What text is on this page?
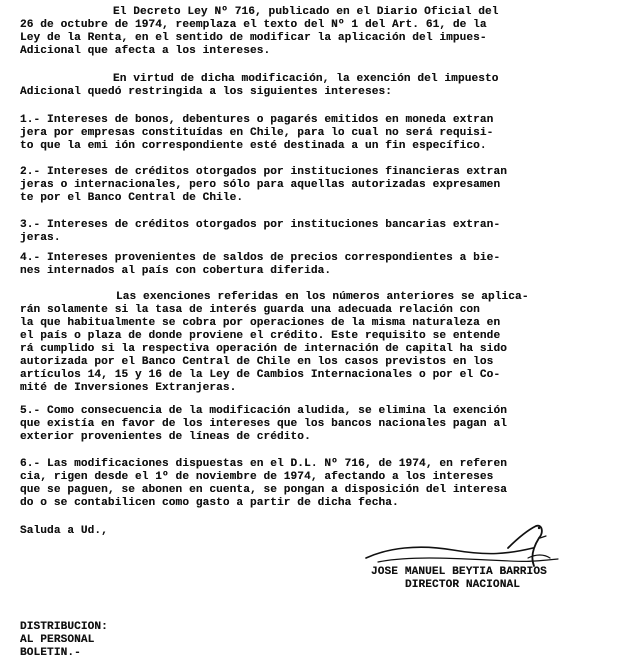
El Decreto Ley Nº 716, publicado en el Diario Oficial del
26 de octubre de 1974, reemplaza el texto del Nº 1 del Art. 61, de la
Ley de la Renta, en el sentido de modificar la aplicación del impues-
Adicional que afecta a los intereses.
En virtud de dicha modificación, la exención del impuesto
Adicional quedó restringida a los siguientes intereses:
1.- Intereses de bonos, debentures o pagarés emitidos en moneda extran
jera por empresas constituídas en Chile, para lo cual no será requisi-
to que la emi ión correspondiente esté destinada a un fin específico.
2.- Intereses de créditos otorgados por instituciones financieras extran
jeras o internacionales, pero sólo para aquellas autorizadas expresamen
te por el Banco Central de Chile.
3.- Intereses de créditos otorgados por instituciones bancarias extran-
jeras.
4.- Intereses provenientes de saldos de precios correspondientes a bie-
nes internados al país con cobertura diferida.
Las exenciones referidas en los números anteriores se aplica-
rán solamente si la tasa de interés guarda una adecuada relación con
la que habitualmente se cobra por operaciones de la misma naturaleza en
el país o plaza de donde proviene el crédito. Este requisito se entende
rá cumplido si la respectiva operación de internación de capital ha sido
autorizada por el Banco Central de Chile en los casos previstos en los
artículos 14, 15 y 16 de la Ley de Cambios Internacionales o por el Co-
mité de Inversiones Extranjeras.
5.- Como consecuencia de la modificación aludida, se elimina la exención
que existía en favor de los intereses que los bancos nacionales pagan al
exterior provenientes de líneas de crédito.
6.- Las modificaciones dispuestas en el D.L. Nº 716, de 1974, en referen
cia, rigen desde el 1º de noviembre de 1974, afectando a los intereses
que se paguen, se abonen en cuenta, se pongan a disposición del interesa
do o se contabilicen como gasto a partir de dicha fecha.
Saluda a Ud.,
JOSE MANUEL BEYTIA BARRIOS
DIRECTOR NACIONAL
DISTRIBUCION:
AL PERSONAL
BOLETIN.-
